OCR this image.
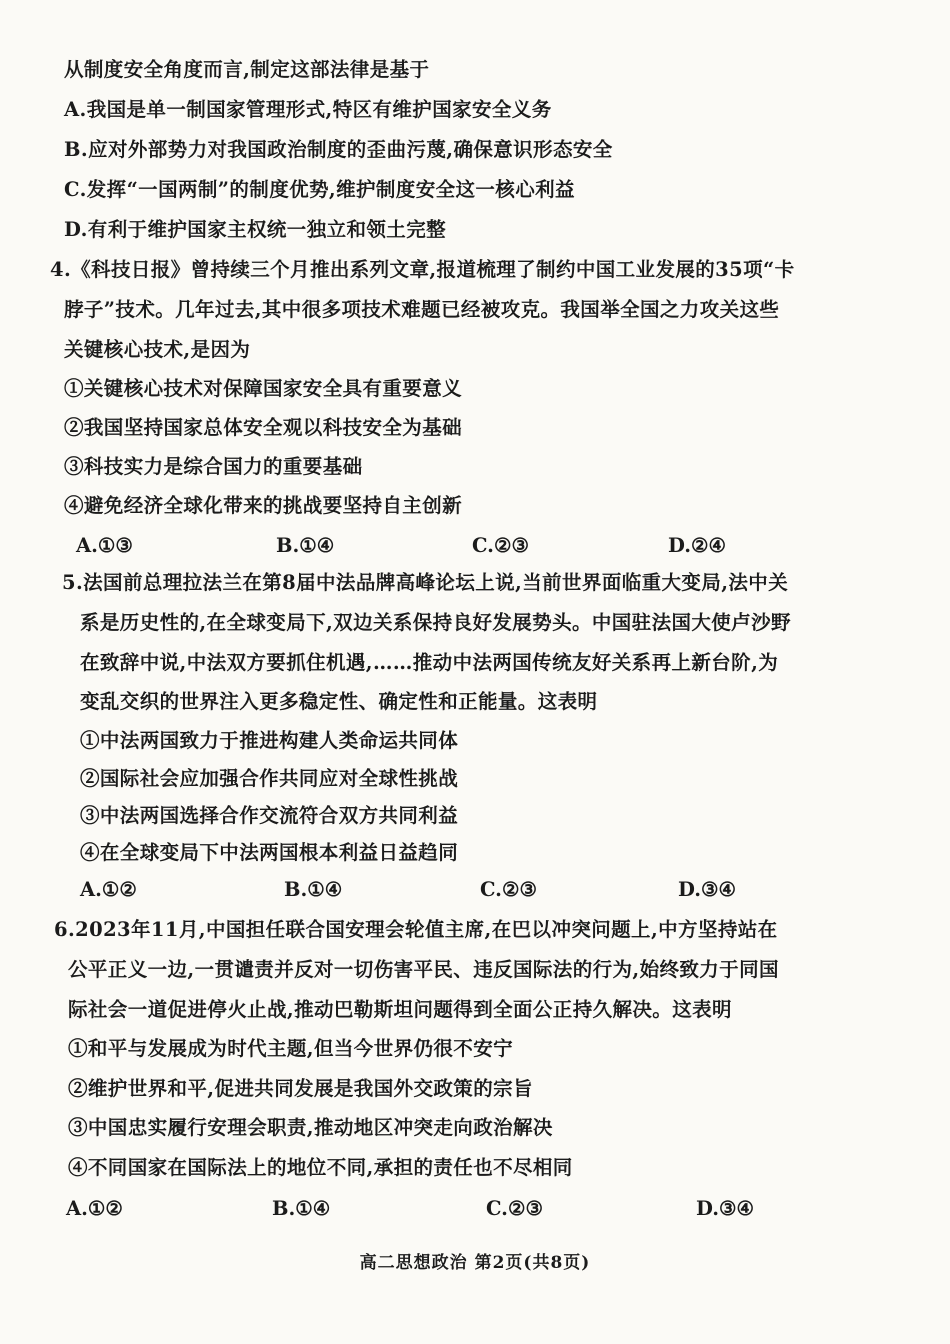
从制度安全角度而言,制定这部法律是基于
A.我国是单一制国家管理形式,特区有维护国家安全义务
B.应对外部势力对我国政治制度的歪曲污蔑,确保意识形态安全
C.发挥“一国两制”的制度优势,维护制度安全这一核心利益
D.有利于维护国家主权统一独立和领土完整
4.《科技日报》曾持续三个月推出系列文章,报道梳理了制约中国工业发展的35项“卡
脖子”技术。几年过去,其中很多项技术难题已经被攻克。我国举全国之力攻关这些
关键核心技术,是因为
①关键核心技术对保障国家安全具有重要意义
②我国坚持国家总体安全观以科技安全为基础
③科技实力是综合国力的重要基础
④避免经济全球化带来的挑战要坚持自主创新
A.①③	B.①④	C.②③	D.②④
5.法国前总理拉法兰在第8届中法品牌高峰论坛上说,当前世界面临重大变局,法中关
系是历史性的,在全球变局下,双边关系保持良好发展势头。中国驻法国大使卢沙野
在致辞中说,中法双方要抓住机遇,……推动中法两国传统友好关系再上新台阶,为
变乱交织的世界注入更多稳定性、确定性和正能量。这表明
①中法两国致力于推进构建人类命运共同体
②国际社会应加强合作共同应对全球性挑战
③中法两国选择合作交流符合双方共同利益
④在全球变局下中法两国根本利益日益趋同
A.①②	B.①④	C.②③	D.③④
6.2023年11月,中国担任联合国安理会轮值主席,在巴以冲突问题上,中方坚持站在
公平正义一边,一贯谴责并反对一切伤害平民、违反国际法的行为,始终致力于同国
际社会一道促进停火止战,推动巴勒斯坦问题得到全面公正持久解决。这表明
①和平与发展成为时代主题,但当今世界仍很不安宁
②维护世界和平,促进共同发展是我国外交政策的宗旨
③中国忠实履行安理会职责,推动地区冲突走向政治解决
④不同国家在国际法上的地位不同,承担的责任也不尽相同
A.①②	B.①④	C.②③	D.③④
高二思想政治 第2页(共8页)
